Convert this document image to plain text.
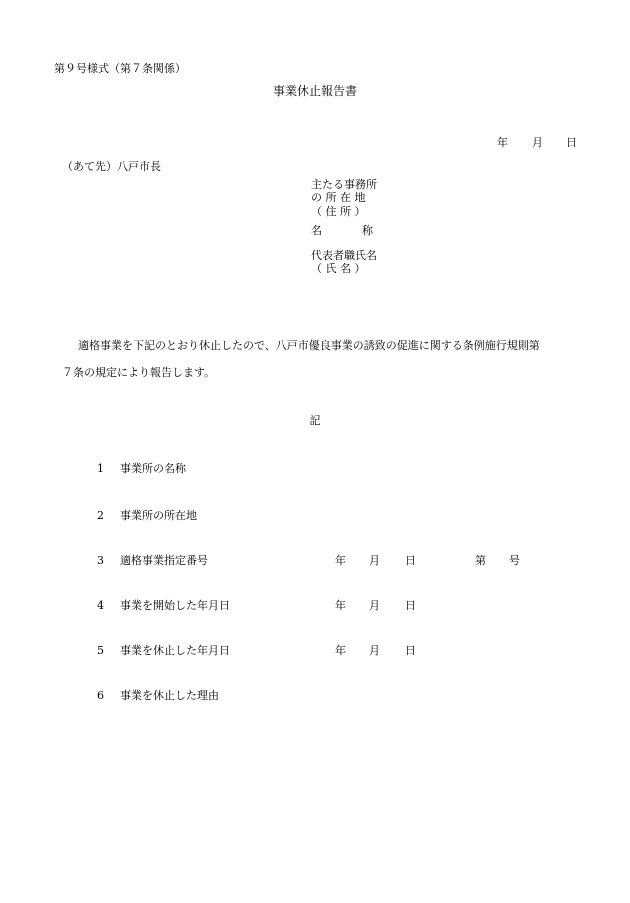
第９号様式（第７条関係）
事業休止報告書
年 月 日
（あて先）八戸市長
主たる事務所
の 所 在 地
（ 住 所 ）
名	称
代表者職氏名
（ 氏 名 ）
適格事業を下記のとおり休止したので、八戸市優良事業の誘致の促進に関する条例施行規則第
７条の規定により報告します。
記
1 事業所の名称
2 事業所の所在地
3 適格事業指定番号	年 月 日	第 号
4 事業を開始した年月日	年 月 日
5 事業を休止した年月日	年 月 日
6 事業を休止した理由
